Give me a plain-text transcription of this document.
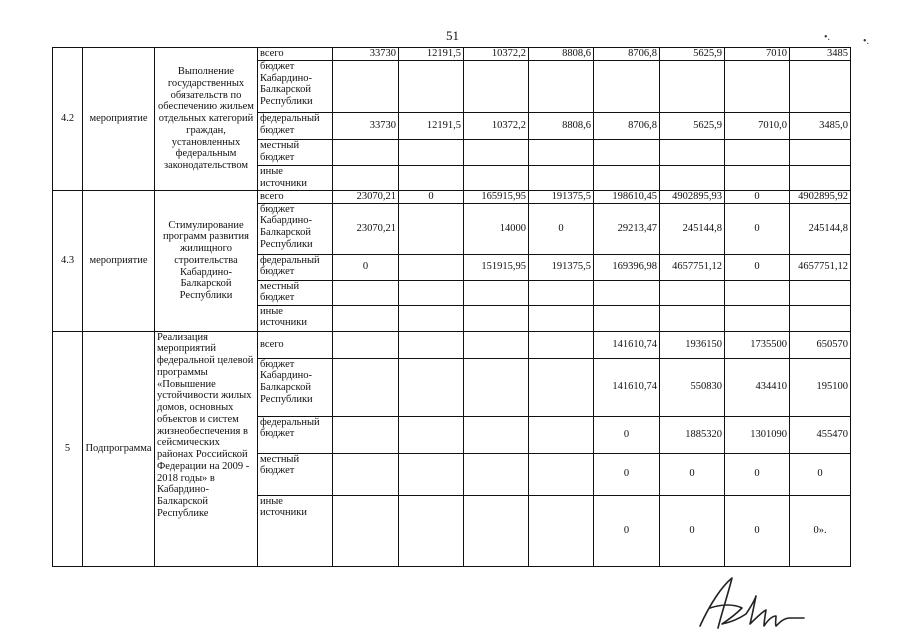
51	•.	•.
4.2	мероприятие	Выполнение государственных обязательств по обеспечению жильем отдельных категорий граждан, установленных федеральным законодательством	всего	33730	12191,5	10372,2	8808,6	8706,8	5625,9	7010	3485
			бюджет Кабардино-Балкарской Республики								
			федеральный бюджет	33730	12191,5	10372,2	8808,6	8706,8	5625,9	7010,0	3485,0
			местный бюджет								
			иные источники								
4.3	мероприятие	Стимулирование программ развития жилищного строительства Кабардино-Балкарской Республики	всего	23070,21	0	165915,95	191375,5	198610,45	4902895,93	0	4902895,92
			бюджет Кабардино-Балкарской Республики	23070,21		14000	0	29213,47	245144,8	0	245144,8
			федеральный бюджет	0		151915,95	191375,5	169396,98	4657751,12	0	4657751,12
			местный бюджет								
			иные источники								
5	Подпрограмма	Реализация мероприятий федеральной целевой программы «Повышение устойчивости жилых домов, основных объектов и систем жизнеобеспечения в сейсмических районах Российской Федерации на 2009 - 2018 годы» в Кабардино-Балкарской Республике	всего					141610,74	1936150	1735500	650570
			бюджет Кабардино-Балкарской Республики					141610,74	550830	434410	195100
			федеральный бюджет					0	1885320	1301090	455470
			местный бюджет					0	0	0	0
			иные источники					0	0	0	0».
